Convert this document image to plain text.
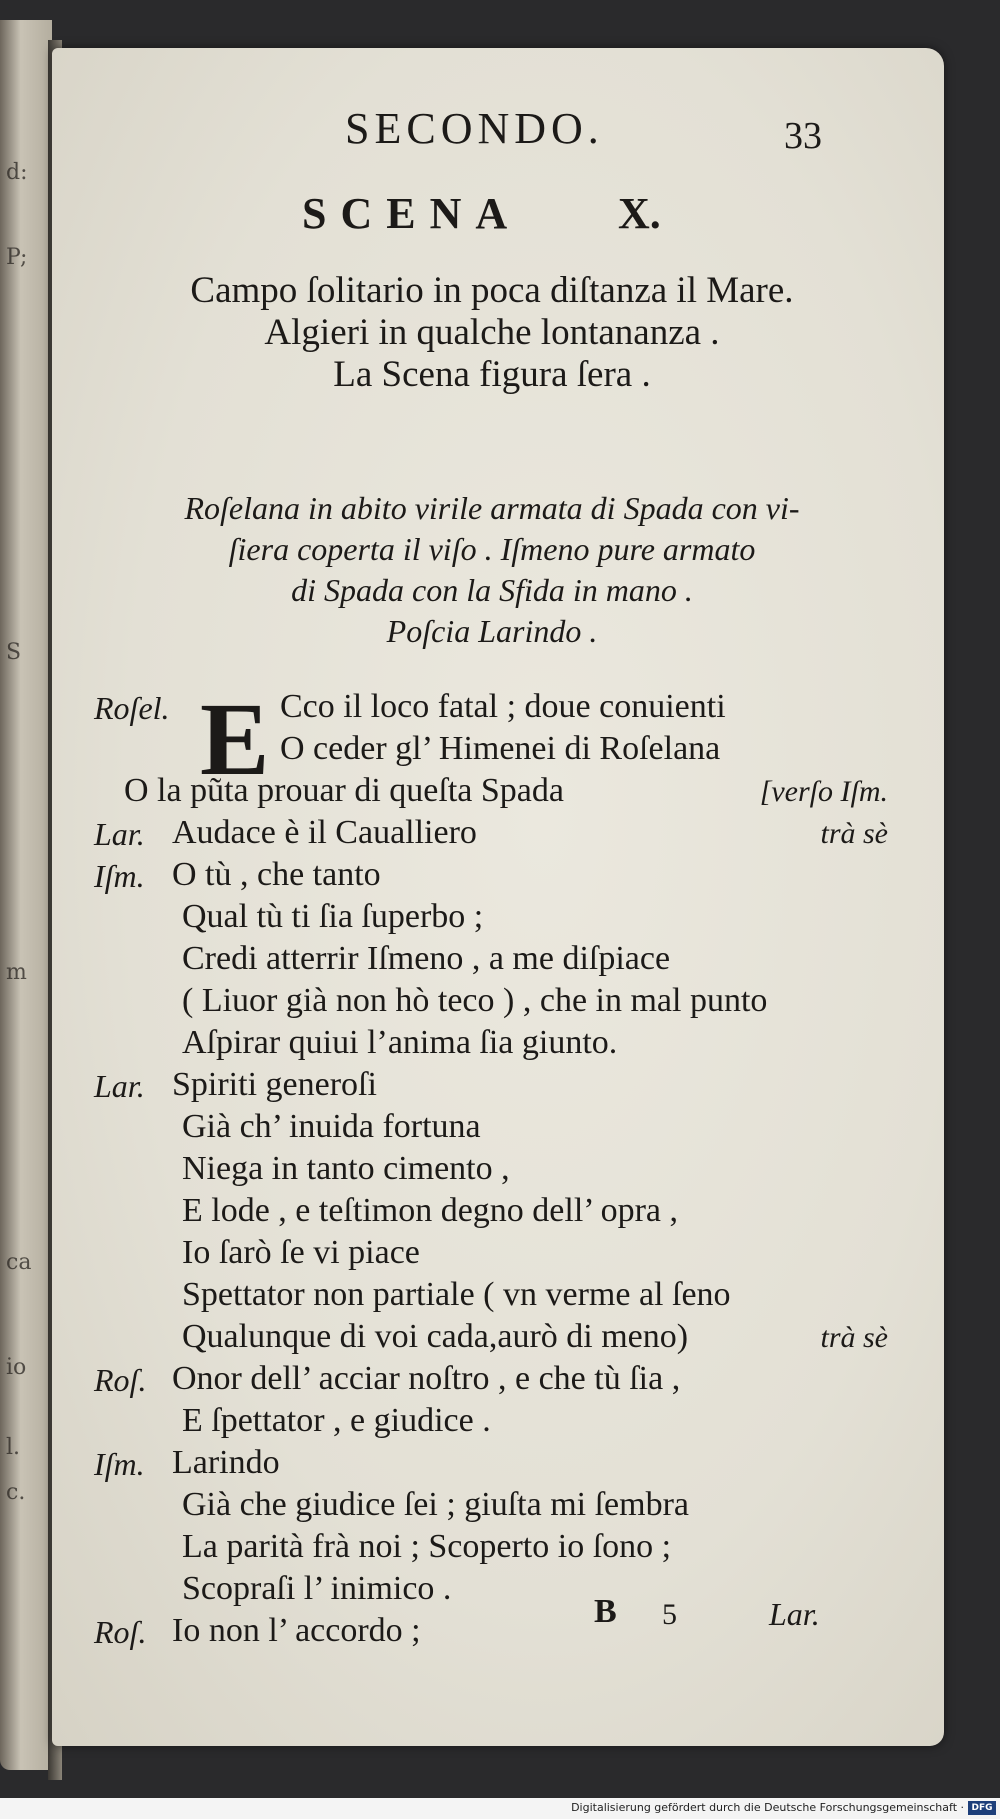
d:
P;
S
m
ca
io
l.
c.
SECONDO.	33
SCENA X.
Campo ſolitario in poca diſtanza il Mare.
Algieri in qualche lontananza .
La Scena figura ſera .
Roſelana in abito virile armata di Spada con vi-
ſiera coperta il viſo . Iſmeno pure armato
di Spada con la Sfida in mano .
Poſcia Larindo .
E
Roſel.	Cco il loco fatal ; doue conuienti
O ceder gl’ Himenei di Roſelana
O la pũta prouar di queſta Spada	[verſo Iſm.
Lar. Audace è il Caualliero	trà sè
Iſm. O tù , che tanto
Qual tù ti ſia ſuperbo ;
Credi atterrir Iſmeno , a me diſpiace
( Liuor già non hò teco ) , che in mal punto
Aſpirar quiui l’anima ſia giunto.
Lar. Spiriti generoſi
Già ch’ inuida fortuna
Niega in tanto cimento ,
E lode , e teſtimon degno dell’ opra ,
Io ſarò ſe vi piace
Spettator non partiale ( vn verme al ſeno
Qualunque di voi cada,aurò di meno)	trà sè
Roſ. Onor dell’ acciar noſtro , e che tù ſia ,
E ſpettator , e giudice .
Iſm. Larindo
Già che giudice ſei ; giuſta mi ſembra
La parità frà noi ; Scoperto io ſono ;
Scopraſi l’ inimico .
Roſ. Io non l’ accordo ;
B 5	Lar.
Digitalisierung gefördert durch die Deutsche Forschungsgemeinschaft · DFG
